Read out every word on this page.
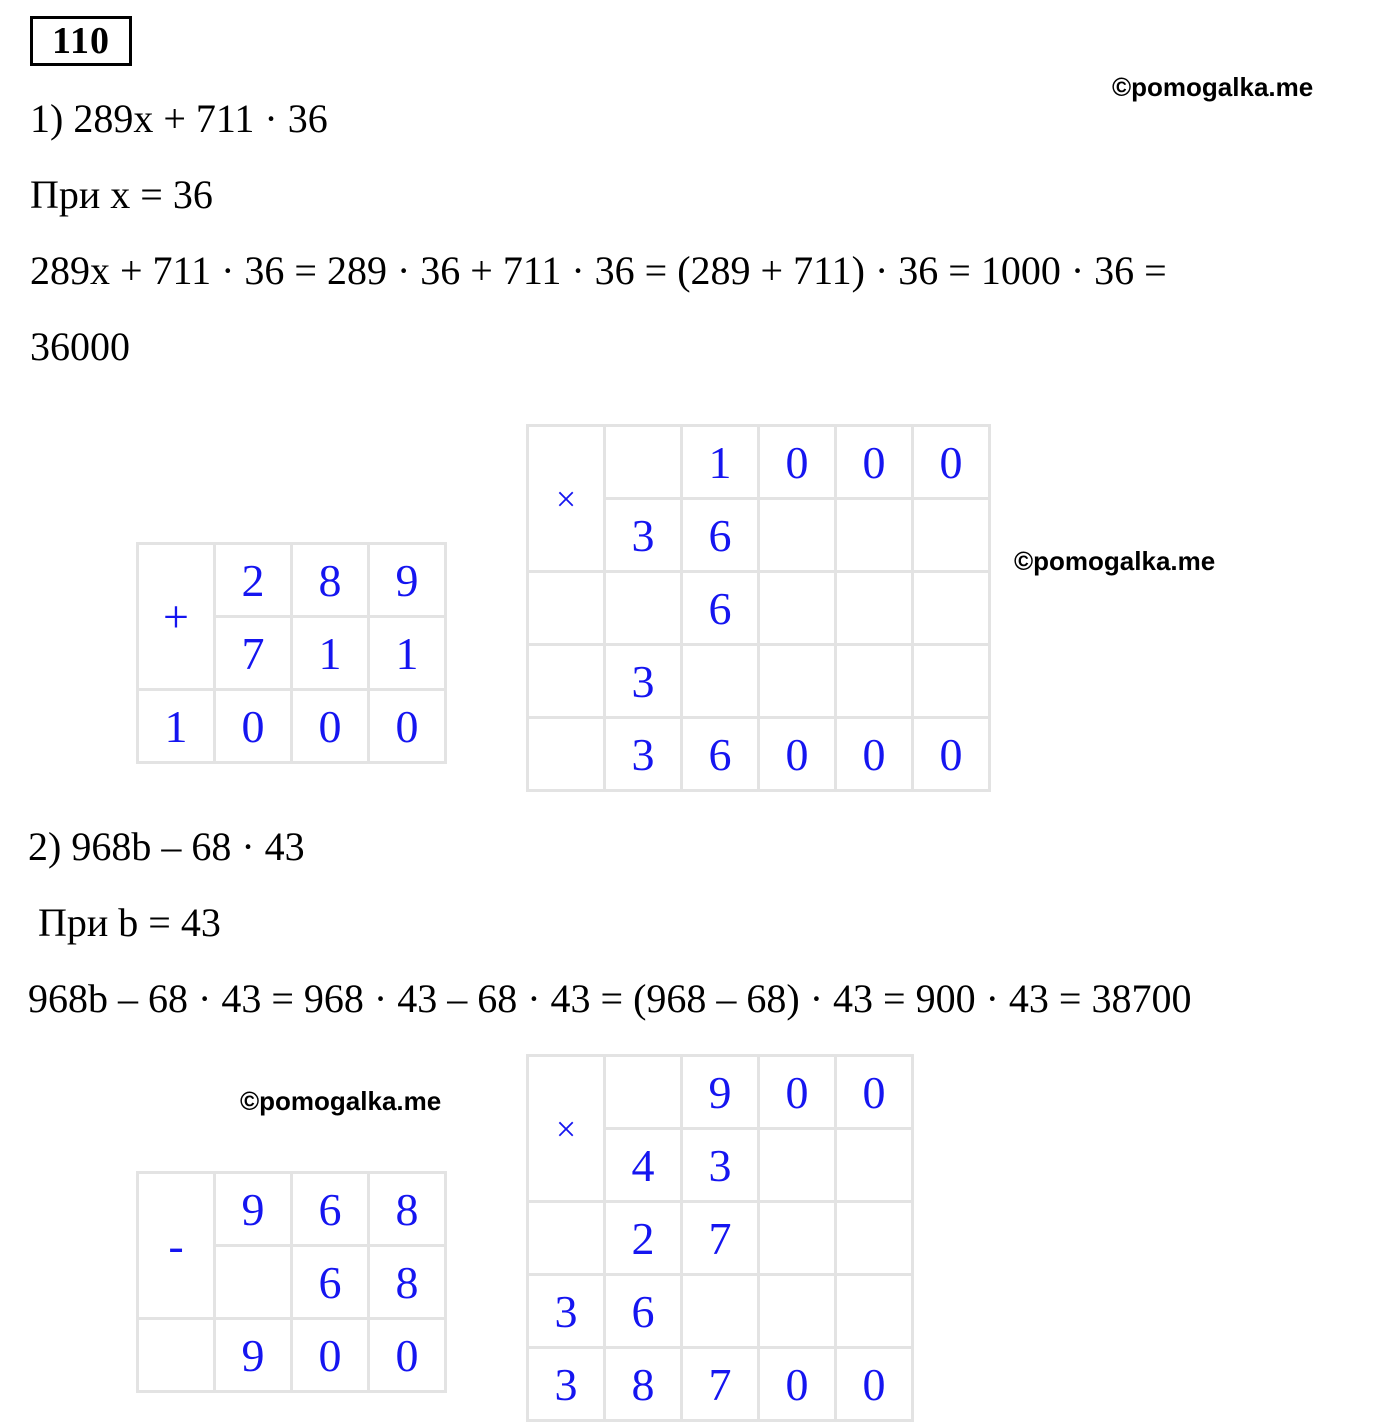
110
©pomogalka.me
1) 289x + 711 · 36
При x = 36
289x + 711 · 36 = 289 · 36 + 711 · 36 = (289 + 711) · 36 = 1000 · 36 =
36000
+	2	8	9
	7	1	1
1	0	0	0
×		1	0	0	0
	3	6			
		6			
	3				
	3	6	0	0	0
©pomogalka.me
2) 968b – 68 · 43
При b = 43
968b – 68 · 43 = 968 · 43 – 68 · 43 = (968 – 68) · 43 = 900 · 43 = 38700
©pomogalka.me
-	9	6	8
		6	8
	9	0	0
×		9	0	0
	4	3		
	2	7		
3	6			
3	8	7	0	0
